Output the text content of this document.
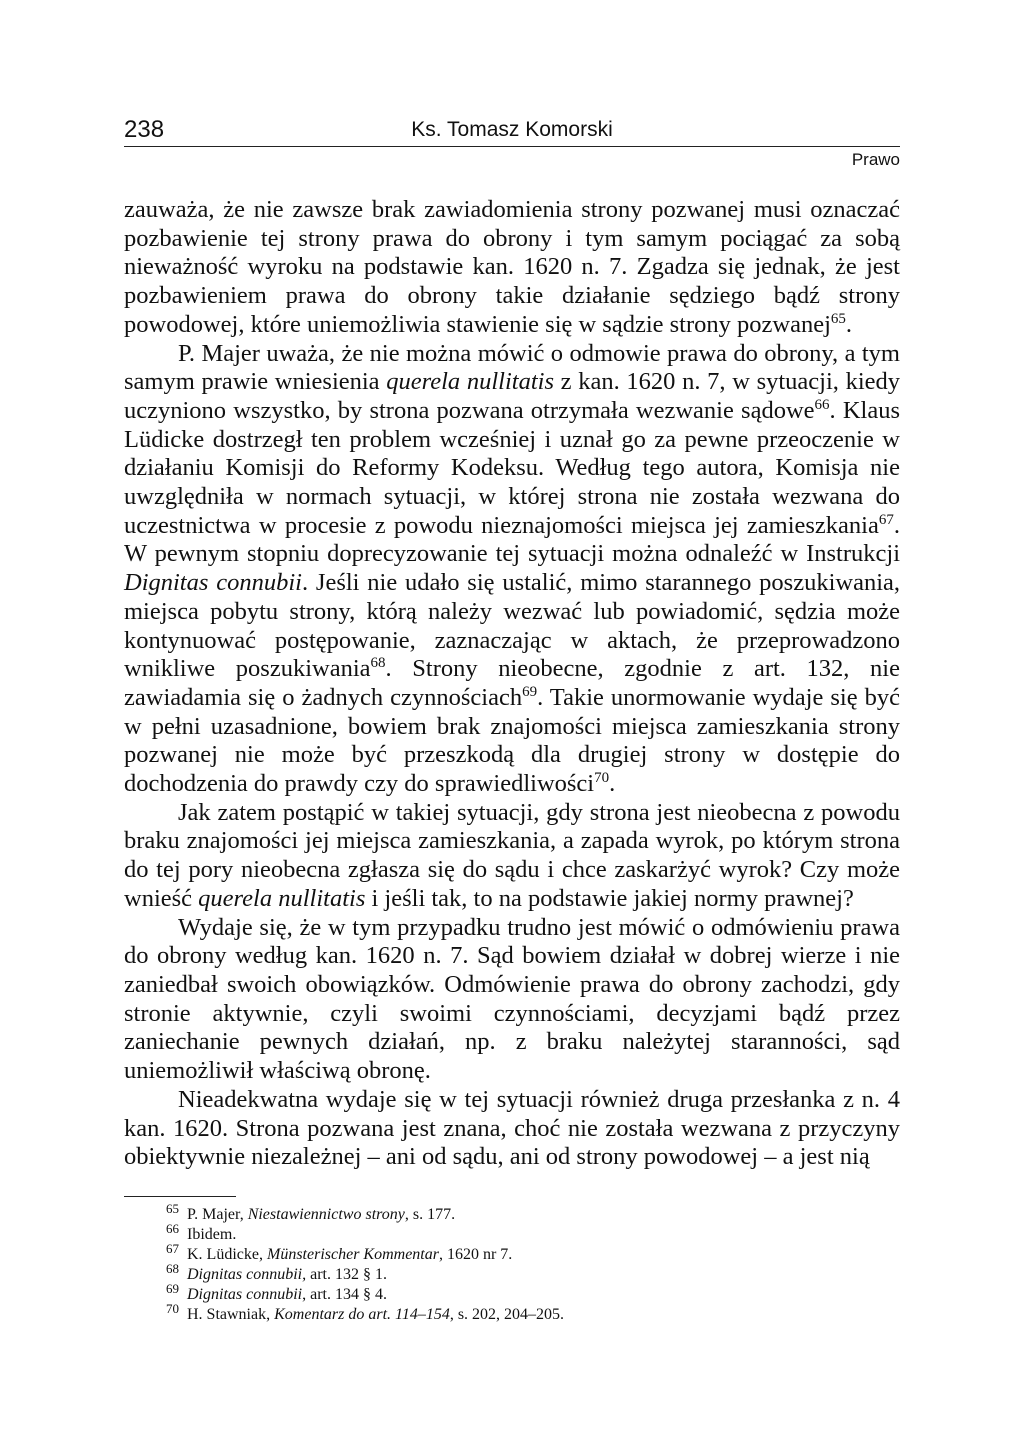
238	Ks. Tomasz Komorski
Prawo

zauważa, że nie zawsze brak zawiadomienia strony pozwanej musi oznaczać pozbawienie tej strony prawa do obrony i tym samym pociągać za sobą nieważność wyroku na podstawie kan. 1620 n. 7. Zgadza się jednak, że jest pozbawieniem prawa do obrony takie działanie sędziego bądź strony powodowej, które uniemożliwia stawienie się w sądzie strony pozwanej$^{65}$.

P. Majer uważa, że nie można mówić o odmowie prawa do obrony, a tym samym prawie wniesienia querela nullitatis z kan. 1620 n. 7, w sytuacji, kiedy uczyniono wszystko, by strona pozwana otrzymała wezwanie sądowe$^{66}$. Klaus Lüdicke dostrzegł ten problem wcześniej i uznał go za pewne przeoczenie w działaniu Komisji do Reformy Kodeksu. Według tego autora, Komisja nie uwzględniła w normach sytuacji, w której strona nie została wezwana do uczestnictwa w procesie z powodu nieznajomości miejsca jej zamieszkania$^{67}$. W pewnym stopniu doprecyzowanie tej sytuacji można odnaleźć w Instrukcji Dignitas connubii. Jeśli nie udało się ustalić, mimo starannego poszukiwania, miejsca pobytu strony, którą należy wezwać lub powiadomić, sędzia może kontynuować postępowanie, zaznaczając w aktach, że przeprowadzono wnikliwe poszukiwania$^{68}$. Strony nieobecne, zgodnie z art. 132, nie zawiadamia się o żadnych czynnościach$^{69}$. Takie unormowanie wydaje się być w pełni uzasadnione, bowiem brak znajomości miejsca zamieszkania strony pozwanej nie może być przeszkodą dla drugiej strony w dostępie do dochodzenia do prawdy czy do sprawiedliwości$^{70}$.

Jak zatem postąpić w takiej sytuacji, gdy strona jest nieobecna z powodu braku znajomości jej miejsca zamieszkania, a zapada wyrok, po którym strona do tej pory nieobecna zgłasza się do sądu i chce zaskarżyć wyrok? Czy może wnieść querela nullitatis i jeśli tak, to na podstawie jakiej normy prawnej?

Wydaje się, że w tym przypadku trudno jest mówić o odmówieniu prawa do obrony według kan. 1620 n. 7. Sąd bowiem działał w dobrej wierze i nie zaniedbał swoich obowiązków. Odmówienie prawa do obrony zachodzi, gdy stronie aktywnie, czyli swoimi czynnościami, decyzjami bądź przez zaniechanie pewnych działań, np. z braku należytej staranności, sąd uniemożliwił właściwą obronę.

Nieadekwatna wydaje się w tej sytuacji również druga przesłanka z n. 4 kan. 1620. Strona pozwana jest znana, choć nie została wezwana z przyczyny obiektywnie niezależnej – ani od sądu, ani od strony powodowej – a jest nią

$^{65}$ P. Majer, Niestawiennictwo strony, s. 177.
$^{66}$ Ibidem.
$^{67}$ K. Lüdicke, Münsterischer Kommentar, 1620 nr 7.
$^{68}$ Dignitas connubii, art. 132 § 1.
$^{69}$ Dignitas connubii, art. 134 § 4.
$^{70}$ H. Stawniak, Komentarz do art. 114–154, s. 202, 204–205.
